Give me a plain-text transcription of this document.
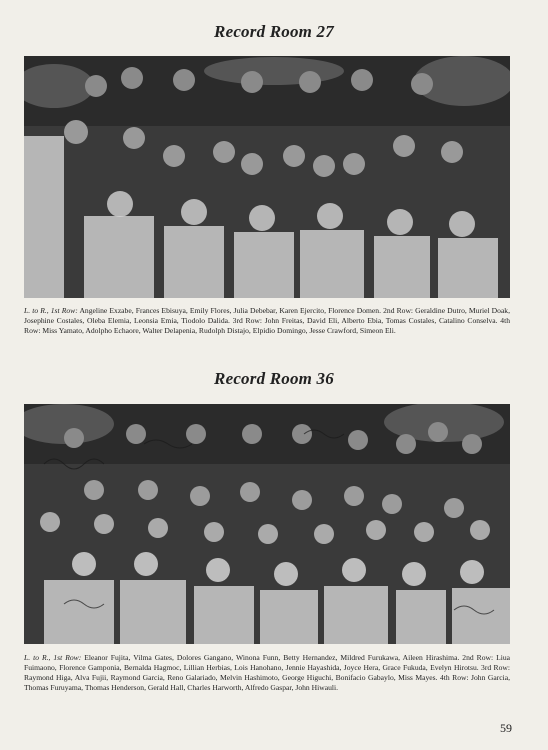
Record Room 27
L. to R., 1st Row: Angeline Exzabe, Frances Ebisuya, Emily Flores, Julia Debebar, Karen Ejercito, Florence Domen. 2nd Row: Geraldine Dutro, Muriel Doak, Josephine Costales, Oleba Elemia, Leonsia Emia, Tiodolo Dalida. 3rd Row: John Freitas, David Eli, Alberto Ebia, Tomas Costales, Catalino Conselva. 4th Row: Miss Yamato, Adolpho Echaore, Walter Delapenia, Rudolph Distajo, Elpidio Domingo, Jesse Crawford, Simeon Eli.
Record Room 36
L. to R., 1st Row: Eleanor Fujita, Vilma Gates, Dolores Gangano, Winona Funn, Betty Hernandez, Mildred Furukawa, Aileen Hirashima. 2nd Row: Liua Fuimaono, Florence Gamponia, Bernalda Hagmoc, Lillian Herbias, Lois Hanohano, Jennie Hayashida, Joyce Hera, Grace Fukuda, Evelyn Hirotsu. 3rd Row: Raymond Higa, Alva Fujii, Raymond Garcia, Reno Galariado, Melvin Hashimoto, George Higuchi, Bonifacio Gabaylo, Miss Mayes. 4th Row: John Garcia, Thomas Furuyama, Thomas Henderson, Gerald Hall, Charles Harworth, Alfredo Gaspar, John Hiwauli.
59
